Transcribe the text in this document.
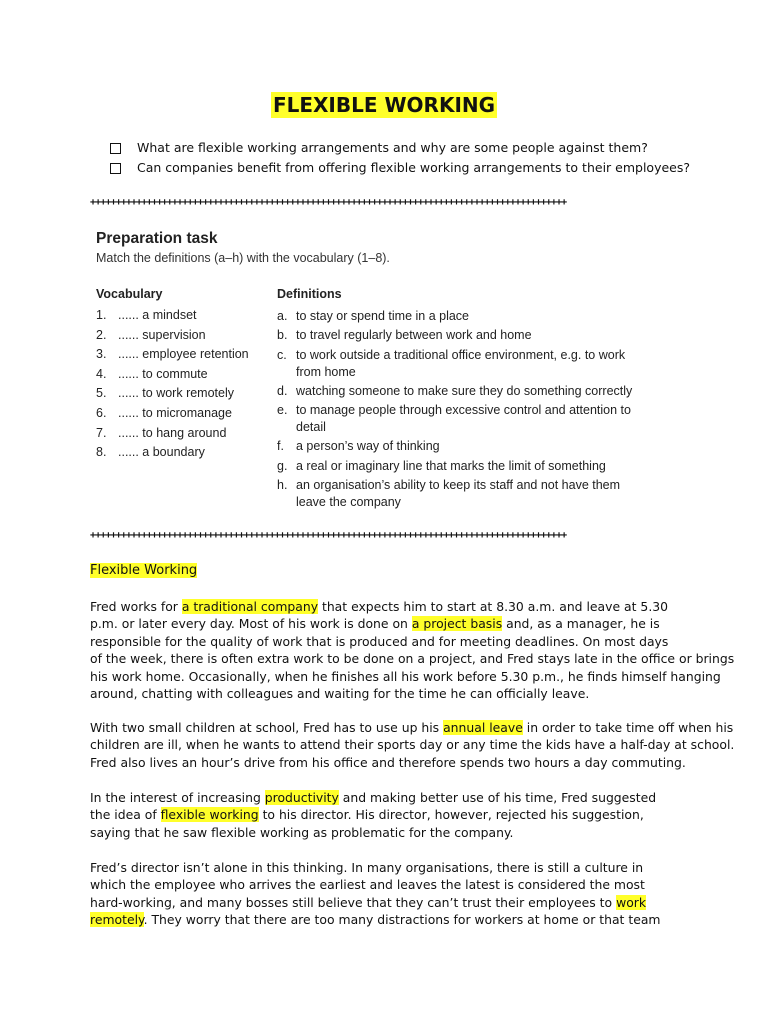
FLEXIBLE WORKING
What are flexible working arrangements and why are some people against them?
Can companies benefit from offering flexible working arrangements to their employees?
+++++++++++++++++++++++++++++++++++++++++++++++++++++++++++++++++++++++++++++++++++++++++++++
Preparation task
Match the definitions (a–h) with the vocabulary (1–8).
Vocabulary	Definitions
1. ...... a mindset
2. ...... supervision
3. ...... employee retention
4. ...... to commute
5. ...... to work remotely
6. ...... to micromanage
7. ...... to hang around
8. ...... a boundary
a. to stay or spend time in a place
b. to travel regularly between work and home
c. to work outside a traditional office environment, e.g. to work from home
d. watching someone to make sure they do something correctly
e. to manage people through excessive control and attention to detail
f. a person’s way of thinking
g. a real or imaginary line that marks the limit of something
h. an organisation’s ability to keep its staff and not have them leave the company
+++++++++++++++++++++++++++++++++++++++++++++++++++++++++++++++++++++++++++++++++++++++++++++
Flexible Working
Fred works for a traditional company that expects him to start at 8.30 a.m. and leave at 5.30
p.m. or later every day. Most of his work is done on a project basis and, as a manager, he is
responsible for the quality of work that is produced and for meeting deadlines. On most days
of the week, there is often extra work to be done on a project, and Fred stays late in the office or brings
his work home. Occasionally, when he finishes all his work before 5.30 p.m., he finds himself hanging
around, chatting with colleagues and waiting for the time he can officially leave.
With two small children at school, Fred has to use up his annual leave in order to take time off when his
children are ill, when he wants to attend their sports day or any time the kids have a half-day at school.
Fred also lives an hour’s drive from his office and therefore spends two hours a day commuting.
In the interest of increasing productivity and making better use of his time, Fred suggested
the idea of flexible working to his director. His director, however, rejected his suggestion,
saying that he saw flexible working as problematic for the company.
Fred’s director isn’t alone in this thinking. In many organisations, there is still a culture in
which the employee who arrives the earliest and leaves the latest is considered the most
hard-working, and many bosses still believe that they can’t trust their employees to work
remotely. They worry that there are too many distractions for workers at home or that team
